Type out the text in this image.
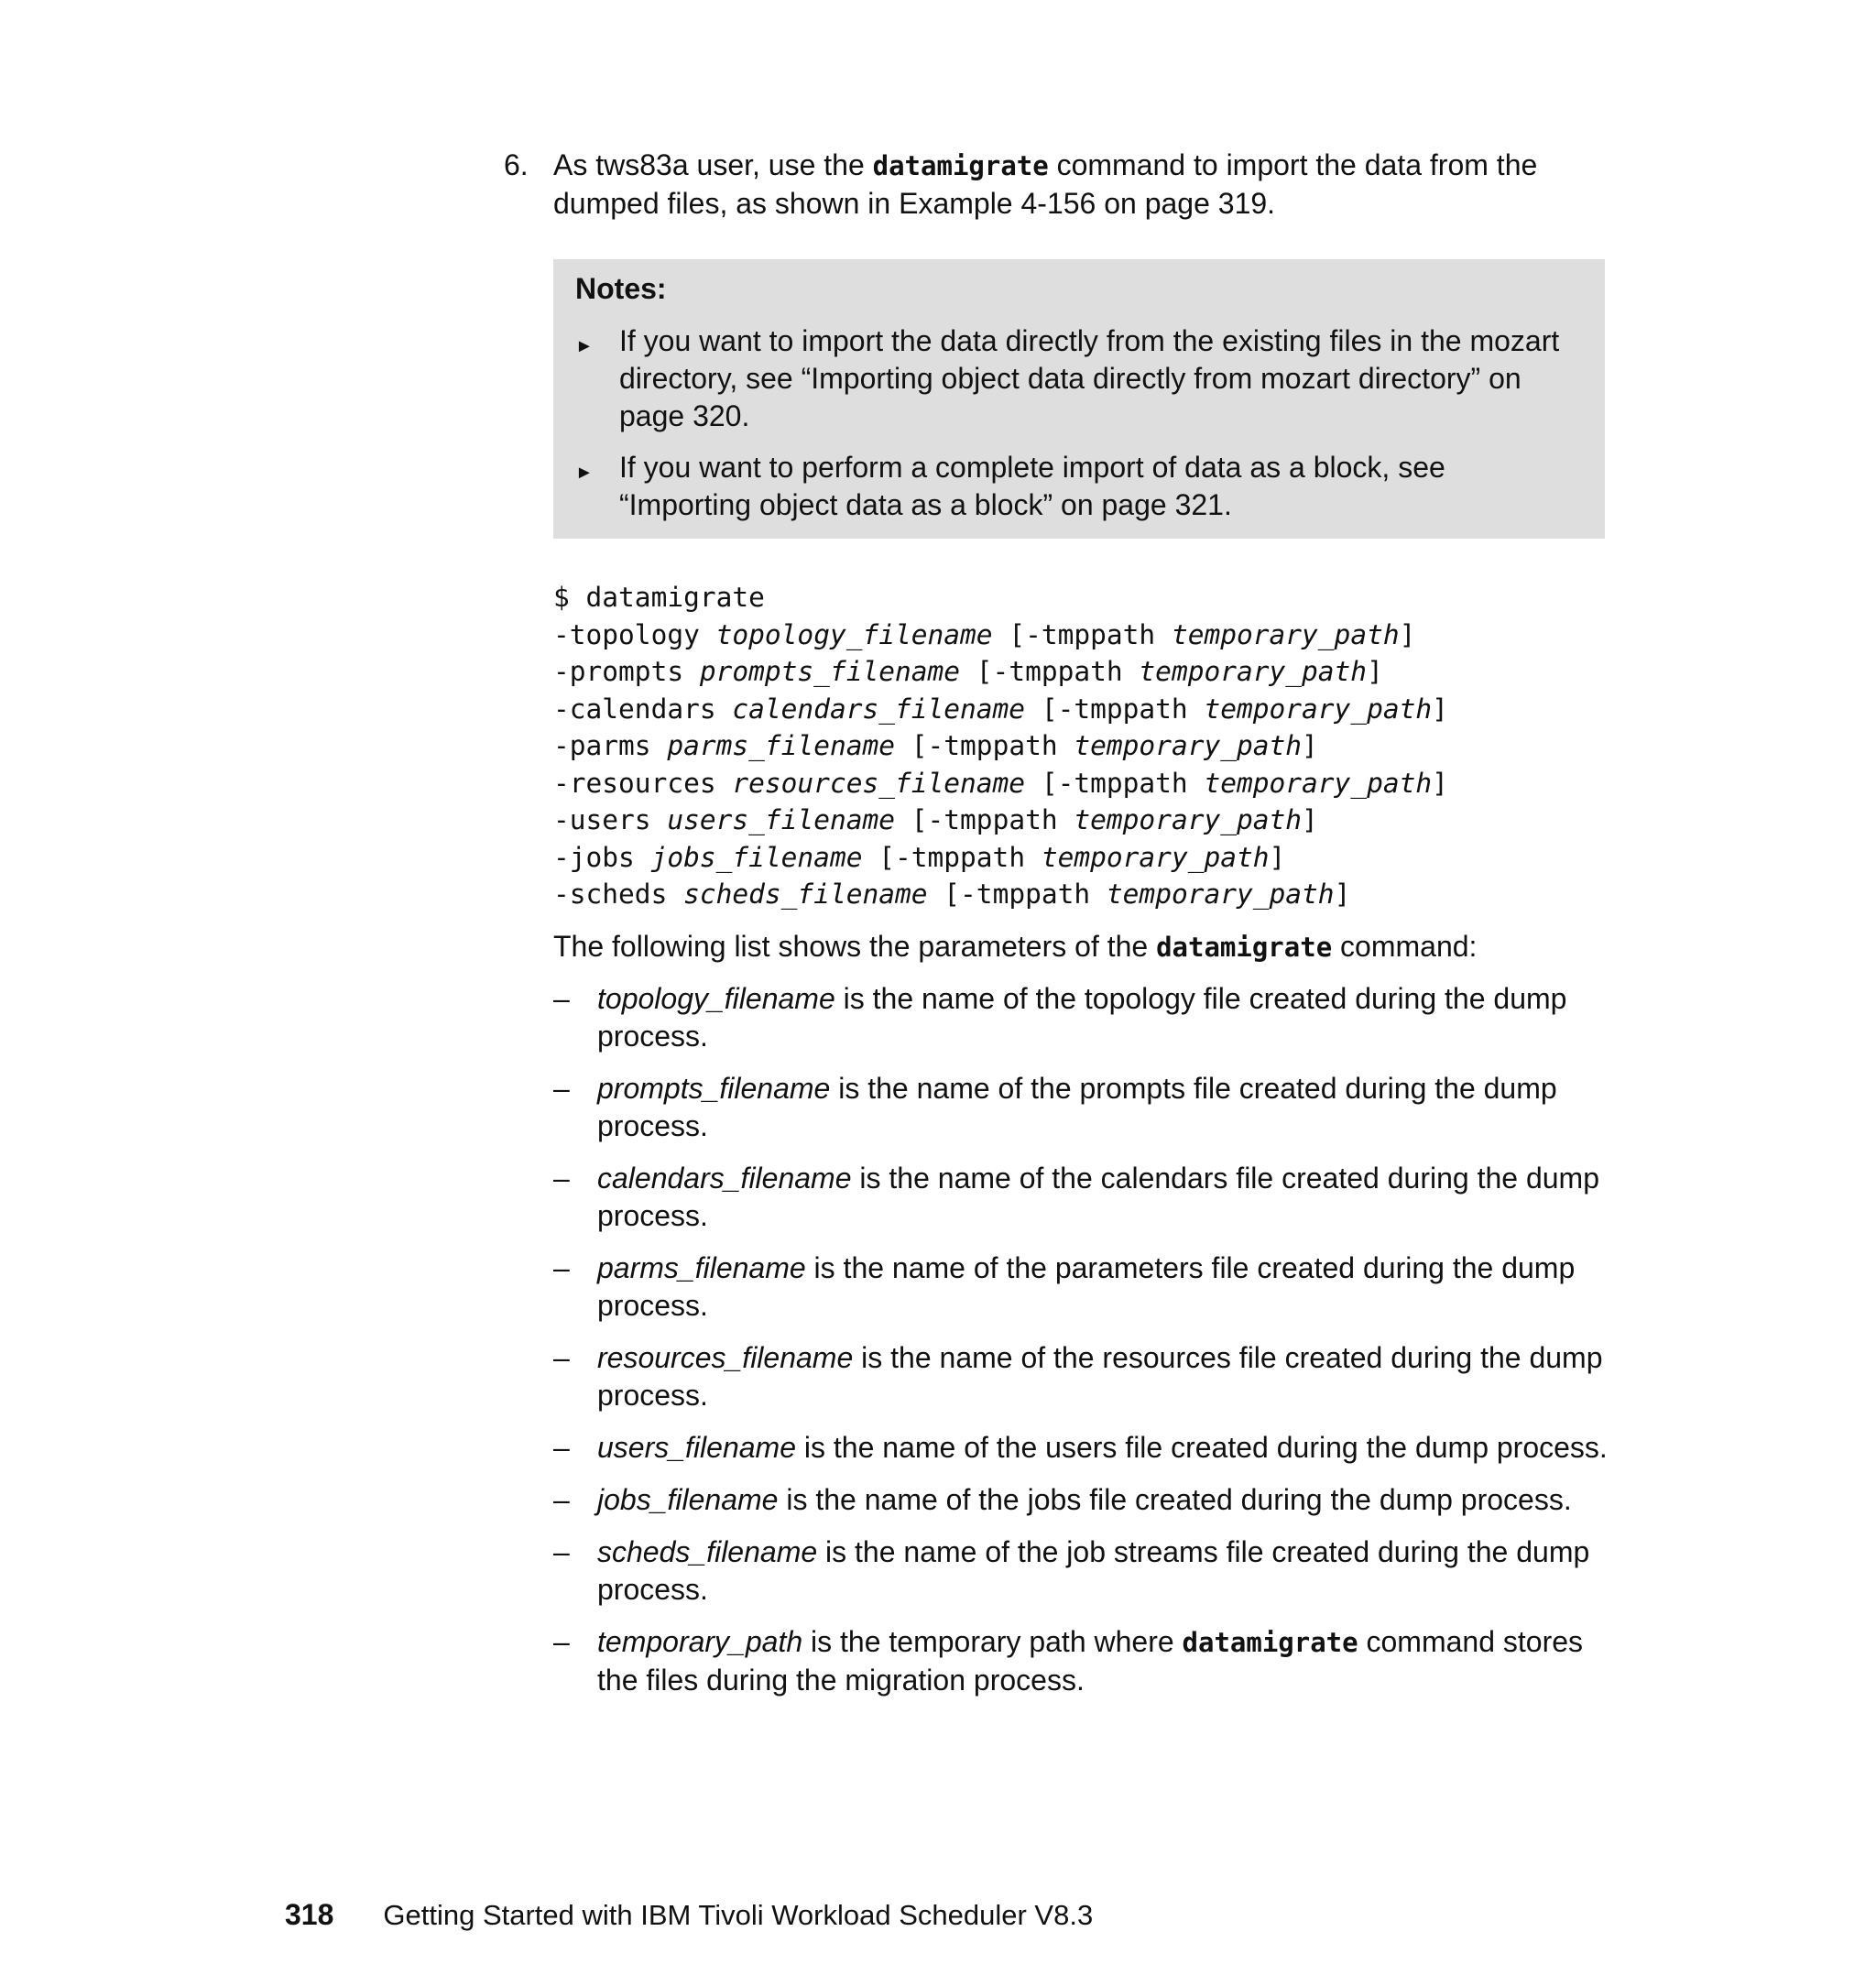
6. As tws83a user, use the datamigrate command to import the data from the dumped files, as shown in Example 4-156 on page 319.
Notes:
► If you want to import the data directly from the existing files in the mozart directory, see “Importing object data directly from mozart directory” on page 320.
► If you want to perform a complete import of data as a block, see “Importing object data as a block” on page 321.
$ datamigrate
-topology topology_filename [-tmppath temporary_path]
-prompts prompts_filename [-tmppath temporary_path]
-calendars calendars_filename [-tmppath temporary_path]
-parms parms_filename [-tmppath temporary_path]
-resources resources_filename [-tmppath temporary_path]
-users users_filename [-tmppath temporary_path]
-jobs jobs_filename [-tmppath temporary_path]
-scheds scheds_filename [-tmppath temporary_path]
The following list shows the parameters of the datamigrate command:
– topology_filename is the name of the topology file created during the dump process.
– prompts_filename is the name of the prompts file created during the dump process.
– calendars_filename is the name of the calendars file created during the dump process.
– parms_filename is the name of the parameters file created during the dump process.
– resources_filename is the name of the resources file created during the dump process.
– users_filename is the name of the users file created during the dump process.
– jobs_filename is the name of the jobs file created during the dump process.
– scheds_filename is the name of the job streams file created during the dump process.
– temporary_path is the temporary path where datamigrate command stores the files during the migration process.
318 Getting Started with IBM Tivoli Workload Scheduler V8.3
